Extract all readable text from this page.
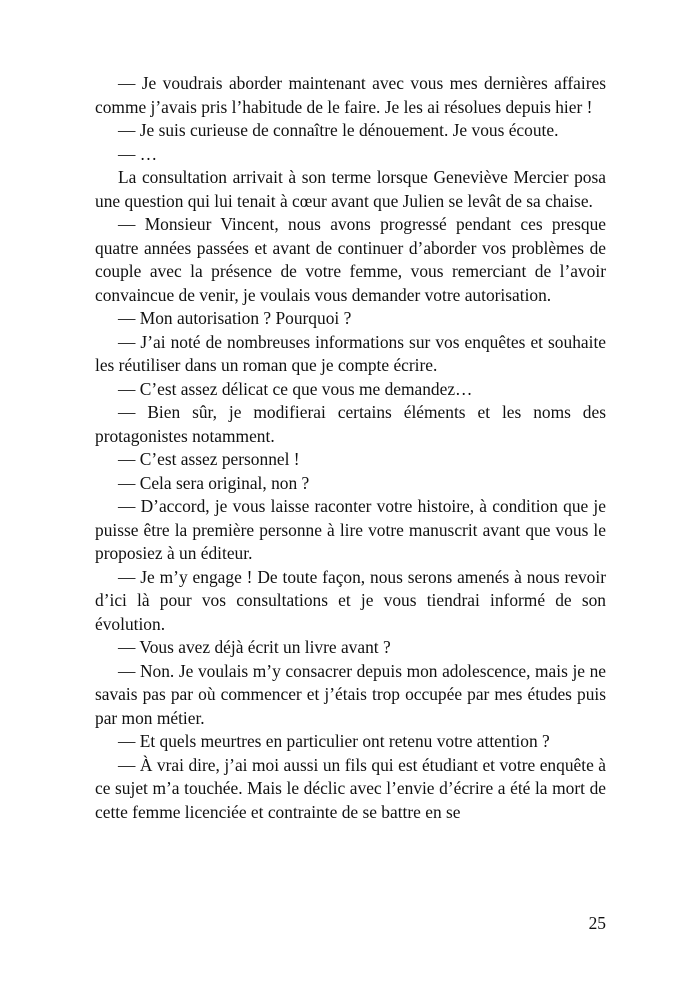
— Je voudrais aborder maintenant avec vous mes dernières affaires comme j’avais pris l’habitude de le faire. Je les ai résolues depuis hier !

— Je suis curieuse de connaître le dénouement. Je vous écoute.

— …

La consultation arrivait à son terme lorsque Geneviève Mercier posa une question qui lui tenait à cœur avant que Julien se levât de sa chaise.

— Monsieur Vincent, nous avons progressé pendant ces presque quatre années passées et avant de continuer d’aborder vos problèmes de couple avec la présence de votre femme, vous remerciant de l’avoir convaincue de venir, je voulais vous demander votre autorisation.

— Mon autorisation ? Pourquoi ?

— J’ai noté de nombreuses informations sur vos enquêtes et souhaite les réutiliser dans un roman que je compte écrire.

— C’est assez délicat ce que vous me demandez…

— Bien sûr, je modifierai certains éléments et les noms des protagonistes notamment.

— C’est assez personnel !

— Cela sera original, non ?

— D’accord, je vous laisse raconter votre histoire, à condition que je puisse être la première personne à lire votre manuscrit avant que vous le proposiez à un éditeur.

— Je m’y engage ! De toute façon, nous serons amenés à nous revoir d’ici là pour vos consultations et je vous tiendrai informé de son évolution.

— Vous avez déjà écrit un livre avant ?

— Non. Je voulais m’y consacrer depuis mon adolescence, mais je ne savais pas par où commencer et j’étais trop occupée par mes études puis par mon métier.

— Et quels meurtres en particulier ont retenu votre attention ?

— À vrai dire, j’ai moi aussi un fils qui est étudiant et votre enquête à ce sujet m’a touchée. Mais le déclic avec l’envie d’écrire a été la mort de cette femme licenciée et contrainte de se battre en se

25
